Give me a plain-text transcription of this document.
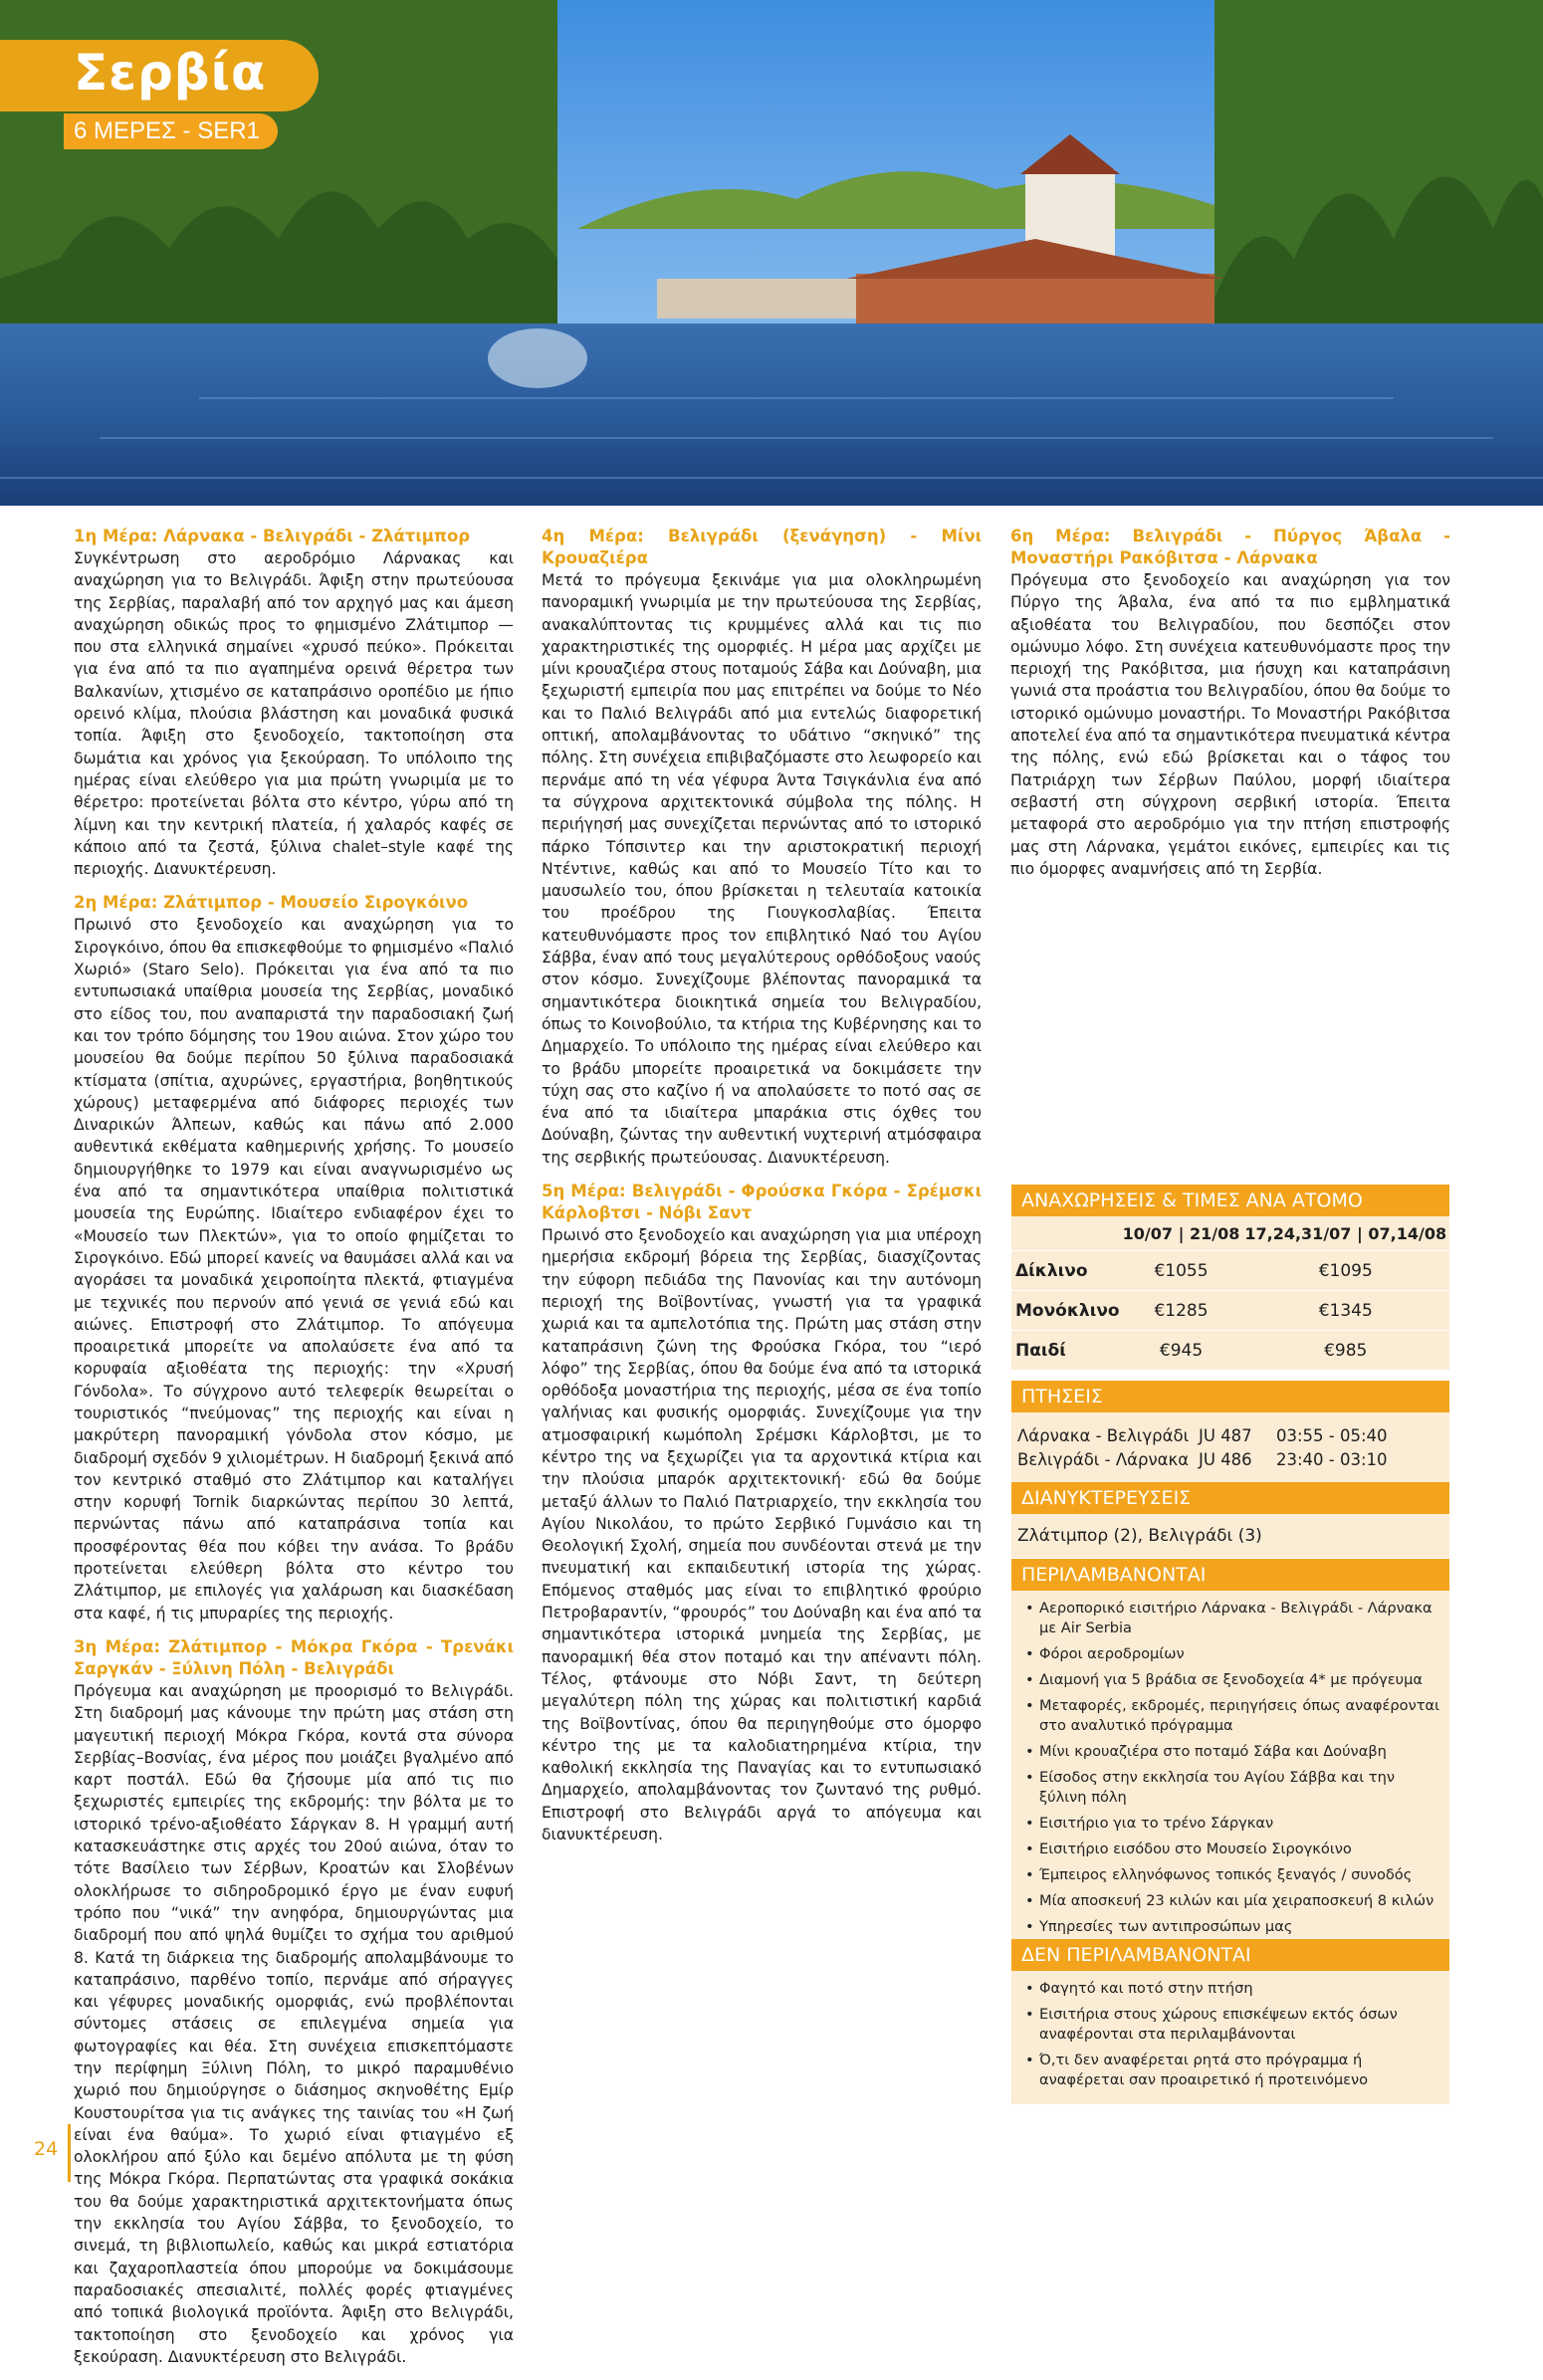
Σερβία
6 ΜΕΡΕΣ - SER1
1η Μέρα: Λάρνακα - Βελιγράδι - Ζλάτιμπορ

Συγκέντρωση στο αεροδρόμιο Λάρνακας και αναχώρηση για το Βελιγράδι. Άφιξη στην πρωτεύουσα της Σερβίας, παραλαβή από τον αρχηγό μας και άμεση αναχώρηση οδικώς προς το φημισμένο Ζλάτιμπορ — που στα ελληνικά σημαίνει «χρυσό πεύκο». Πρόκειται για ένα από τα πιο αγαπημένα ορεινά θέρετρα των Βαλκανίων, χτισμένο σε καταπράσινο οροπέδιο με ήπιο ορεινό κλίμα, πλούσια βλάστηση και μοναδικά φυσικά τοπία. Άφιξη στο ξενοδοχείο, τακτοποίηση στα δωμάτια και χρόνος για ξεκούραση. Το υπόλοιπο της ημέρας είναι ελεύθερο για μια πρώτη γνωριμία με το θέρετρο: προτείνεται βόλτα στο κέντρο, γύρω από τη λίμνη και την κεντρική πλατεία, ή χαλαρός καφές σε κάποιο από τα ζεστά, ξύλινα chalet–style καφέ της περιοχής. Διανυκτέρευση.

2η Μέρα: Ζλάτιμπορ - Μουσείο Σιρογκόινο

Πρωινό στο ξενοδοχείο και αναχώρηση για το Σιρογκόινο, όπου θα επισκεφθούμε το φημισμένο «Παλιό Χωριό» (Staro Selo). Πρόκειται για ένα από τα πιο εντυπωσιακά υπαίθρια μουσεία της Σερβίας, μοναδικό στο είδος του, που αναπαριστά την παραδοσιακή ζωή και τον τρόπο δόμησης του 19ου αιώνα. Στον χώρο του μουσείου θα δούμε περίπου 50 ξύλινα παραδοσιακά κτίσματα (σπίτια, αχυρώνες, εργαστήρια, βοηθητικούς χώρους) μεταφερμένα από διάφορες περιοχές των Διναρικών Άλπεων, καθώς και πάνω από 2.000 αυθεντικά εκθέματα καθημερινής χρήσης. Το μουσείο δημιουργήθηκε το 1979 και είναι αναγνωρισμένο ως ένα από τα σημαντικότερα υπαίθρια πολιτιστικά μουσεία της Ευρώπης. Ιδιαίτερο ενδιαφέρον έχει το «Μουσείο των Πλεκτών», για το οποίο φημίζεται το Σιρογκόινο. Εδώ μπορεί κανείς να θαυμάσει αλλά και να αγοράσει τα μοναδικά χειροποίητα πλεκτά, φτιαγμένα με τεχνικές που περνούν από γενιά σε γενιά εδώ και αιώνες. Επιστροφή στο Ζλάτιμπορ. Το απόγευμα προαιρετικά μπορείτε να απολαύσετε ένα από τα κορυφαία αξιοθέατα της περιοχής: την «Χρυσή Γόνδολα». Το σύγχρονο αυτό τελεφερίκ θεωρείται ο τουριστικός “πνεύμονας” της περιοχής και είναι η μακρύτερη πανοραμική γόνδολα στον κόσμο, με διαδρομή σχεδόν 9 χιλιομέτρων. Η διαδρομή ξεκινά από τον κεντρικό σταθμό στο Ζλάτιμπορ και καταλήγει στην κορυφή Tornik διαρκώντας περίπου 30 λεπτά, περνώντας πάνω από καταπράσινα τοπία και προσφέροντας θέα που κόβει την ανάσα. Το βράδυ προτείνεται ελεύθερη βόλτα στο κέντρο του Ζλάτιμπορ, με επιλογές για χαλάρωση και διασκέδαση στα καφέ, ή τις μπυραρίες της περιοχής.

3η Μέρα: Ζλάτιμπορ - Μόκρα Γκόρα - Τρενάκι Σαργκάν - Ξύλινη Πόλη - Βελιγράδι

Πρόγευμα και αναχώρηση με προορισμό το Βελιγράδι. Στη διαδρομή μας κάνουμε την πρώτη μας στάση στη μαγευτική περιοχή Μόκρα Γκόρα, κοντά στα σύνορα Σερβίας–Βοσνίας, ένα μέρος που μοιάζει βγαλμένο από καρτ ποστάλ. Εδώ θα ζήσουμε μία από τις πιο ξεχωριστές εμπειρίες της εκδρομής: την βόλτα με το ιστορικό τρένο-αξιοθέατο Σάργκαν 8. Η γραμμή αυτή κατασκευάστηκε στις αρχές του 20ού αιώνα, όταν το τότε Βασίλειο των Σέρβων, Κροατών και Σλοβένων ολοκλήρωσε το σιδηροδρομικό έργο με έναν ευφυή τρόπο που “νικά” την ανηφόρα, δημιουργώντας μια διαδρομή που από ψηλά θυμίζει το σχήμα του αριθμού 8. Κατά τη διάρκεια της διαδρομής απολαμβάνουμε το καταπράσινο, παρθένο τοπίο, περνάμε από σήραγγες και γέφυρες μοναδικής ομορφιάς, ενώ προβλέπονται σύντομες στάσεις σε επιλεγμένα σημεία για φωτογραφίες και θέα. Στη συνέχεια επισκεπτόμαστε την περίφημη Ξύλινη Πόλη, το μικρό παραμυθένιο χωριό που δημιούργησε ο διάσημος σκηνοθέτης Εμίρ Κουστουρίτσα για τις ανάγκες της ταινίας του «Η ζωή είναι ένα θαύμα». Το χωριό είναι φτιαγμένο εξ ολοκλήρου από ξύλο και δεμένο απόλυτα με τη φύση της Μόκρα Γκόρα. Περπατώντας στα γραφικά σοκάκια του θα δούμε χαρακτηριστικά αρχιτεκτονήματα όπως την εκκλησία του Αγίου Σάββα, το ξενοδοχείο, το σινεμά, τη βιβλιοπωλείο, καθώς και μικρά εστιατόρια και ζαχαροπλαστεία όπου μπορούμε να δοκιμάσουμε παραδοσιακές σπεσιαλιτέ, πολλές φορές φτιαγμένες από τοπικά βιολογικά προϊόντα. Άφιξη στο Βελιγράδι, τακτοποίηση στο ξενοδοχείο και χρόνος για ξεκούραση. Διανυκτέρευση στο Βελιγράδι.

4η Μέρα: Βελιγράδι (ξενάγηση) - Μίνι Κρουαζιέρα

Μετά το πρόγευμα ξεκινάμε για μια ολοκληρωμένη πανοραμική γνωριμία με την πρωτεύουσα της Σερβίας, ανακαλύπτοντας τις κρυμμένες αλλά και τις πιο χαρακτηριστικές της ομορφιές. Η μέρα μας αρχίζει με μίνι κρουαζιέρα στους ποταμούς Σάβα και Δούναβη, μια ξεχωριστή εμπειρία που μας επιτρέπει να δούμε το Νέο και το Παλιό Βελιγράδι από μια εντελώς διαφορετική οπτική, απολαμβάνοντας το υδάτινο “σκηνικό” της πόλης. Στη συνέχεια επιβιβαζόμαστε στο λεωφορείο και περνάμε από τη νέα γέφυρα Άντα Τσιγκάνλια ένα από τα σύγχρονα αρχιτεκτονικά σύμβολα της πόλης. Η περιήγησή μας συνεχίζεται περνώντας από το ιστορικό πάρκο Τόπσιντερ και την αριστοκρατική περιοχή Ντέντινε, καθώς και από το Μουσείο Τίτο και το μαυσωλείο του, όπου βρίσκεται η τελευταία κατοικία του προέδρου της Γιουγκοσλαβίας. Έπειτα κατευθυνόμαστε προς τον επιβλητικό Ναό του Αγίου Σάββα, έναν από τους μεγαλύτερους ορθόδοξους ναούς στον κόσμο. Συνεχίζουμε βλέποντας πανοραμικά τα σημαντικότερα διοικητικά σημεία του Βελιγραδίου, όπως το Κοινοβούλιο, τα κτήρια της Κυβέρνησης και το Δημαρχείο. Το υπόλοιπο της ημέρας είναι ελεύθερο και το βράδυ μπορείτε προαιρετικά να δοκιμάσετε την τύχη σας στο καζίνο ή να απολαύσετε το ποτό σας σε ένα από τα ιδιαίτερα μπαράκια στις όχθες του Δούναβη, ζώντας την αυθεντική νυχτερινή ατμόσφαιρα της σερβικής πρωτεύουσας. Διανυκτέρευση.

5η Μέρα: Βελιγράδι - Φρούσκα Γκόρα - Σρέμσκι Κάρλοβτσι - Νόβι Σαντ

Πρωινό στο ξενοδοχείο και αναχώρηση για μια υπέροχη ημερήσια εκδρομή βόρεια της Σερβίας, διασχίζοντας την εύφορη πεδιάδα της Πανονίας και την αυτόνομη περιοχή της Βοϊβοντίνας, γνωστή για τα γραφικά χωριά και τα αμπελοτόπια της. Πρώτη μας στάση στην καταπράσινη ζώνη της Φρούσκα Γκόρα, του “ιερό λόφο” της Σερβίας, όπου θα δούμε ένα από τα ιστορικά ορθόδοξα μοναστήρια της περιοχής, μέσα σε ένα τοπίο γαλήνιας και φυσικής ομορφιάς. Συνεχίζουμε για την ατμοσφαιρική κωμόπολη Σρέμσκι Κάρλοβτσι, με το κέντρο της να ξεχωρίζει για τα αρχοντικά κτίρια και την πλούσια μπαρόκ αρχιτεκτονική· εδώ θα δούμε μεταξύ άλλων το Παλιό Πατριαρχείο, την εκκλησία του Αγίου Νικολάου, το πρώτο Σερβικό Γυμνάσιο και τη Θεολογική Σχολή, σημεία που συνδέονται στενά με την πνευματική και εκπαιδευτική ιστορία της χώρας. Επόμενος σταθμός μας είναι το επιβλητικό φρούριο Πετροβαραντίν, “φρουρός” του Δούναβη και ένα από τα σημαντικότερα ιστορικά μνημεία της Σερβίας, με πανοραμική θέα στον ποταμό και την απέναντι πόλη. Τέλος, φτάνουμε στο Νόβι Σαντ, τη δεύτερη μεγαλύτερη πόλη της χώρας και πολιτιστική καρδιά της Βοϊβοντίνας, όπου θα περιηγηθούμε στο όμορφο κέντρο της με τα καλοδιατηρημένα κτίρια, την καθολική εκκλησία της Παναγίας και το εντυπωσιακό Δημαρχείο, απολαμβάνοντας τον ζωντανό της ρυθμό. Επιστροφή στο Βελιγράδι αργά το απόγευμα και διανυκτέρευση.

6η Μέρα: Βελιγράδι - Πύργος Άβαλα - Μοναστήρι Ρακόβιτσα - Λάρνακα

Πρόγευμα στο ξενοδοχείο και αναχώρηση για τον Πύργο της Άβαλα, ένα από τα πιο εμβληματικά αξιοθέατα του Βελιγραδίου, που δεσπόζει στον ομώνυμο λόφο. Στη συνέχεια κατευθυνόμαστε προς την περιοχή της Ρακόβιτσα, μια ήσυχη και καταπράσινη γωνιά στα προάστια του Βελιγραδίου, όπου θα δούμε το ιστορικό ομώνυμο μοναστήρι. Το Μοναστήρι Ρακόβιτσα αποτελεί ένα από τα σημαντικότερα πνευματικά κέντρα της πόλης, ενώ εδώ βρίσκεται και ο τάφος του Πατριάρχη των Σέρβων Παύλου, μορφή ιδιαίτερα σεβαστή στη σύγχρονη σερβική ιστορία. Έπειτα μεταφορά στο αεροδρόμιο για την πτήση επιστροφής μας στη Λάρνακα, γεμάτοι εικόνες, εμπειρίες και τις πιο όμορφες αναμνήσεις από τη Σερβία.

ΑΝΑΧΩΡΗΣΕΙΣ & ΤΙΜΕΣ ΑΝΑ ΑΤΟΜΟ
	10/07 | 21/08	17,24,31/07 | 07,14/08
Δίκλινο	€1055	€1095
Μονόκλινο	€1285	€1345
Παιδί	€945	€985
ΠΤΗΣΕΙΣ
Λάρνακα - Βελιγράδι JU 487	03:55 - 05:40
Βελιγράδι - Λάρνακα JU 486	23:40 - 03:10
ΔΙΑΝΥΚΤΕΡΕΥΣΕΙΣ
Ζλάτιμπορ (2), Βελιγράδι (3)
ΠΕΡΙΛΑΜΒΑΝΟΝΤΑΙ
• Αεροπορικό εισιτήριο Λάρνακα - Βελιγράδι - Λάρνακα με Air Serbia
• Φόροι αεροδρομίων
• Διαμονή για 5 βράδια σε ξενοδοχεία 4* με πρόγευμα
• Μεταφορές, εκδρομές, περιηγήσεις όπως αναφέρονται στο αναλυτικό πρόγραμμα
• Μίνι κρουαζιέρα στο ποταμό Σάβα και Δούναβη
• Είσοδος στην εκκλησία του Αγίου Σάββα και την ξύλινη πόλη
• Εισιτήριο για το τρένο Σάργκαν
• Εισιτήριο εισόδου στο Μουσείο Σιρογκόινο
• Έμπειρος ελληνόφωνος τοπικός ξεναγός / συνοδός
• Μία αποσκευή 23 κιλών και μία χειραποσκευή 8 κιλών
• Υπηρεσίες των αντιπροσώπων μας
ΔΕΝ ΠΕΡΙΛΑΜΒΑΝΟΝΤΑΙ
• Φαγητό και ποτό στην πτήση
• Εισιτήρια στους χώρους επισκέψεων εκτός όσων αναφέρονται στα περιλαμβάνονται
• Ό,τι δεν αναφέρεται ρητά στο πρόγραμμα ή αναφέρεται σαν προαιρετικό ή προτεινόμενο
24
